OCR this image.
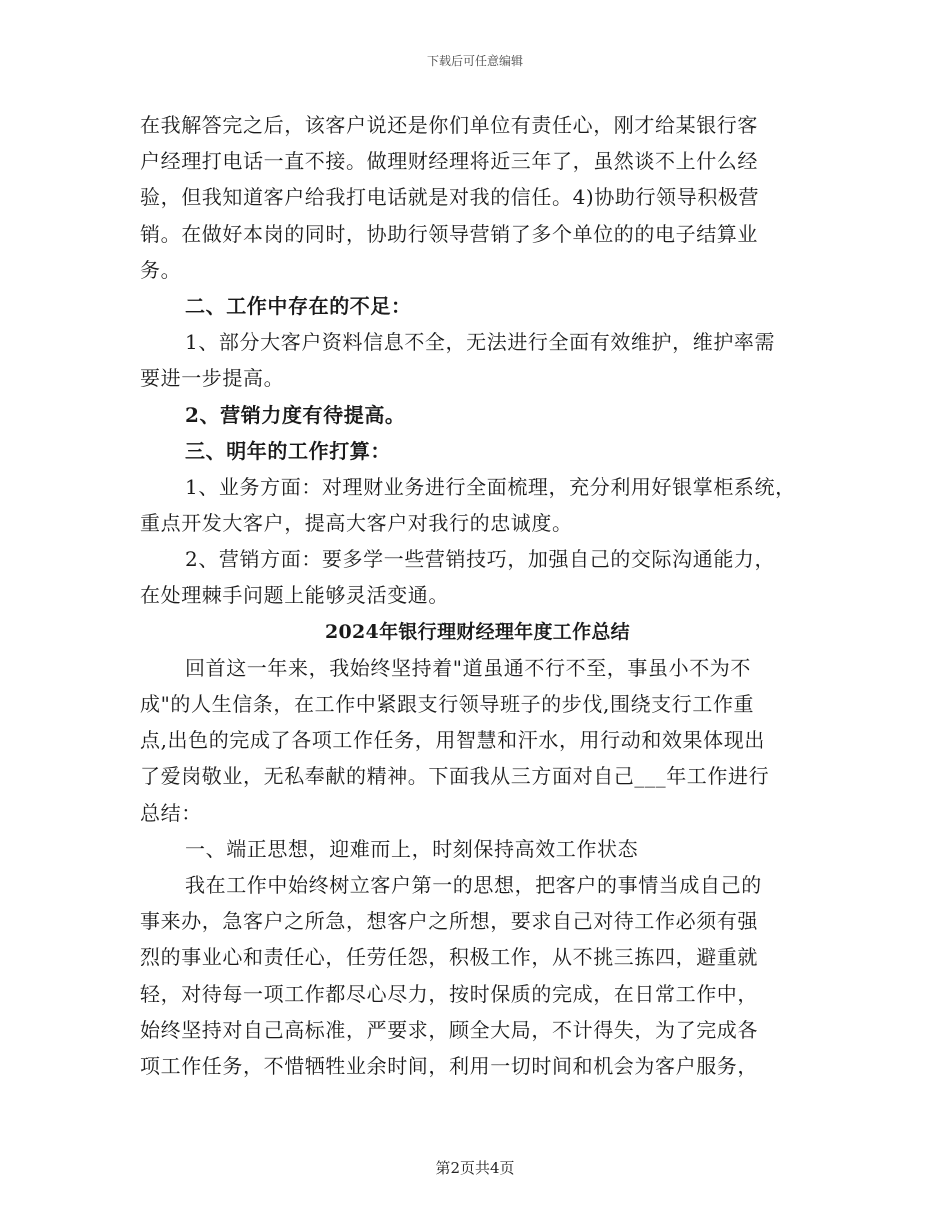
下载后可任意编辑
在我解答完之后，该客户说还是你们单位有责任心，刚才给某银行客
户经理打电话一直不接。做理财经理将近三年了，虽然谈不上什么经
验，但我知道客户给我打电话就是对我的信任。4)协助行领导积极营
销。在做好本岗的同时，协助行领导营销了多个单位的的电子结算业
务。
二、工作中存在的不足：
1、部分大客户资料信息不全，无法进行全面有效维护，维护率需
要进一步提高。
2、营销力度有待提高。
三、明年的工作打算：
1、业务方面：对理财业务进行全面梳理，充分利用好银掌柜系统，
重点开发大客户，提高大客户对我行的忠诚度。
2、营销方面：要多学一些营销技巧，加强自己的交际沟通能力，
在处理棘手问题上能够灵活变通。
2024年银行理财经理年度工作总结
回首这一年来，我始终坚持着"道虽通不行不至，事虽小不为不
成"的人生信条，在工作中紧跟支行领导班子的步伐,围绕支行工作重
点,出色的完成了各项工作任务，用智慧和汗水，用行动和效果体现出
了爱岗敬业，无私奉献的精神。下面我从三方面对自己___年工作进行
总结：
一、端正思想，迎难而上，时刻保持高效工作状态
我在工作中始终树立客户第一的思想，把客户的事情当成自己的
事来办，急客户之所急，想客户之所想，要求自己对待工作必须有强
烈的事业心和责任心，任劳任怨，积极工作，从不挑三拣四，避重就
轻，对待每一项工作都尽心尽力，按时保质的完成，在日常工作中，
始终坚持对自己高标准，严要求，顾全大局，不计得失，为了完成各
项工作任务，不惜牺牲业余时间，利用一切时间和机会为客户服务，
第2页共4页
